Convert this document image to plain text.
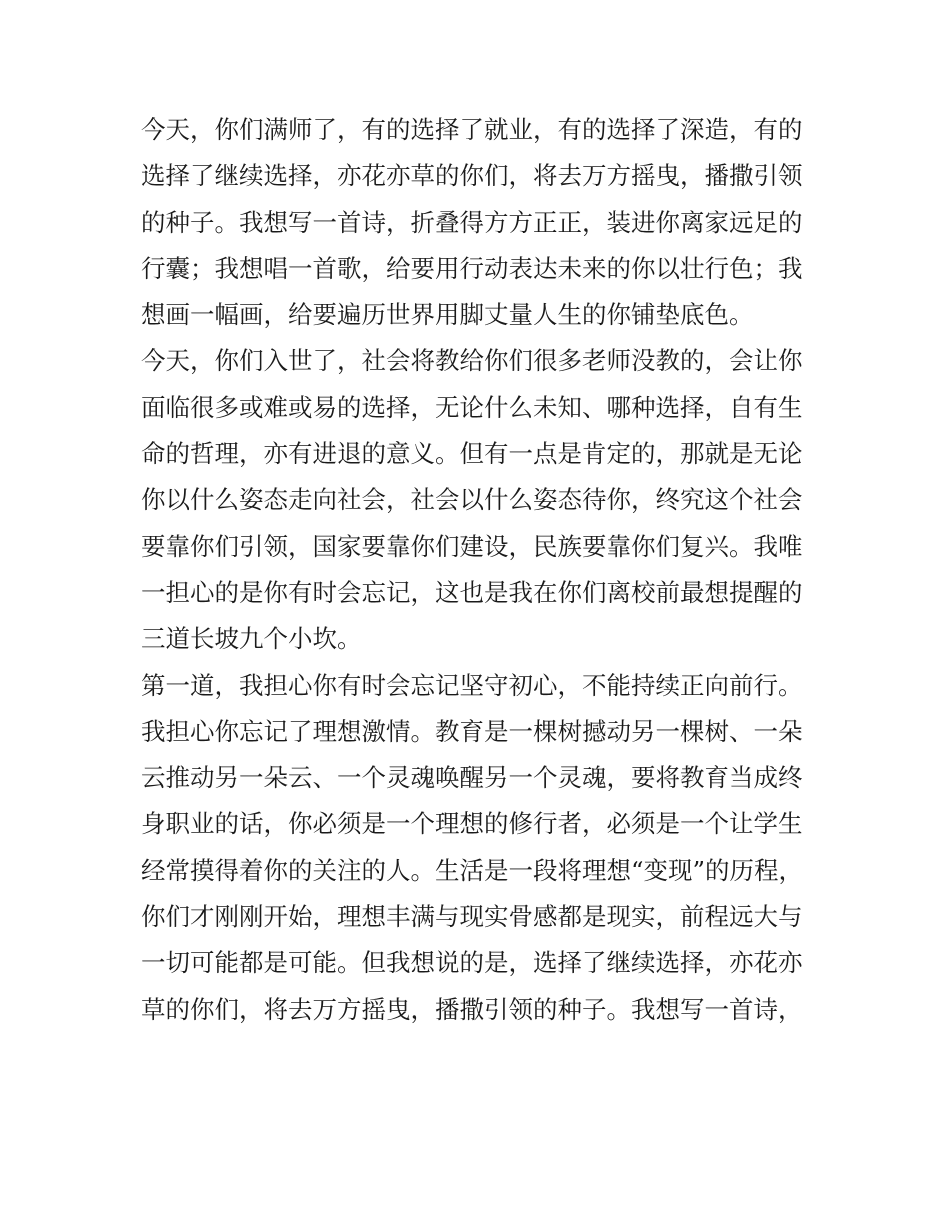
今天，你们满师了，有的选择了就业，有的选择了深造，有的
选择了继续选择，亦花亦草的你们，将去万方摇曳，播撒引领
的种子。我想写一首诗，折叠得方方正正，装进你离家远足的
行囊；我想唱一首歌，给要用行动表达未来的你以壮行色；我
想画一幅画，给要遍历世界用脚丈量人生的你铺垫底色。
今天，你们入世了，社会将教给你们很多老师没教的，会让你
面临很多或难或易的选择，无论什么未知、哪种选择，自有生
命的哲理，亦有进退的意义。但有一点是肯定的，那就是无论
你以什么姿态走向社会，社会以什么姿态待你，终究这个社会
要靠你们引领，国家要靠你们建设，民族要靠你们复兴。我唯
一担心的是你有时会忘记，这也是我在你们离校前最想提醒的
三道长坡九个小坎。
第一道，我担心你有时会忘记坚守初心，不能持续正向前行。
我担心你忘记了理想激情。教育是一棵树撼动另一棵树、一朵
云推动另一朵云、一个灵魂唤醒另一个灵魂，要将教育当成终
身职业的话，你必须是一个理想的修行者，必须是一个让学生
经常摸得着你的关注的人。生活是一段将理想“变现”的历程，
你们才刚刚开始，理想丰满与现实骨感都是现实，前程远大与
一切可能都是可能。但我想说的是，选择了继续选择，亦花亦
草的你们，将去万方摇曳，播撒引领的种子。我想写一首诗，
